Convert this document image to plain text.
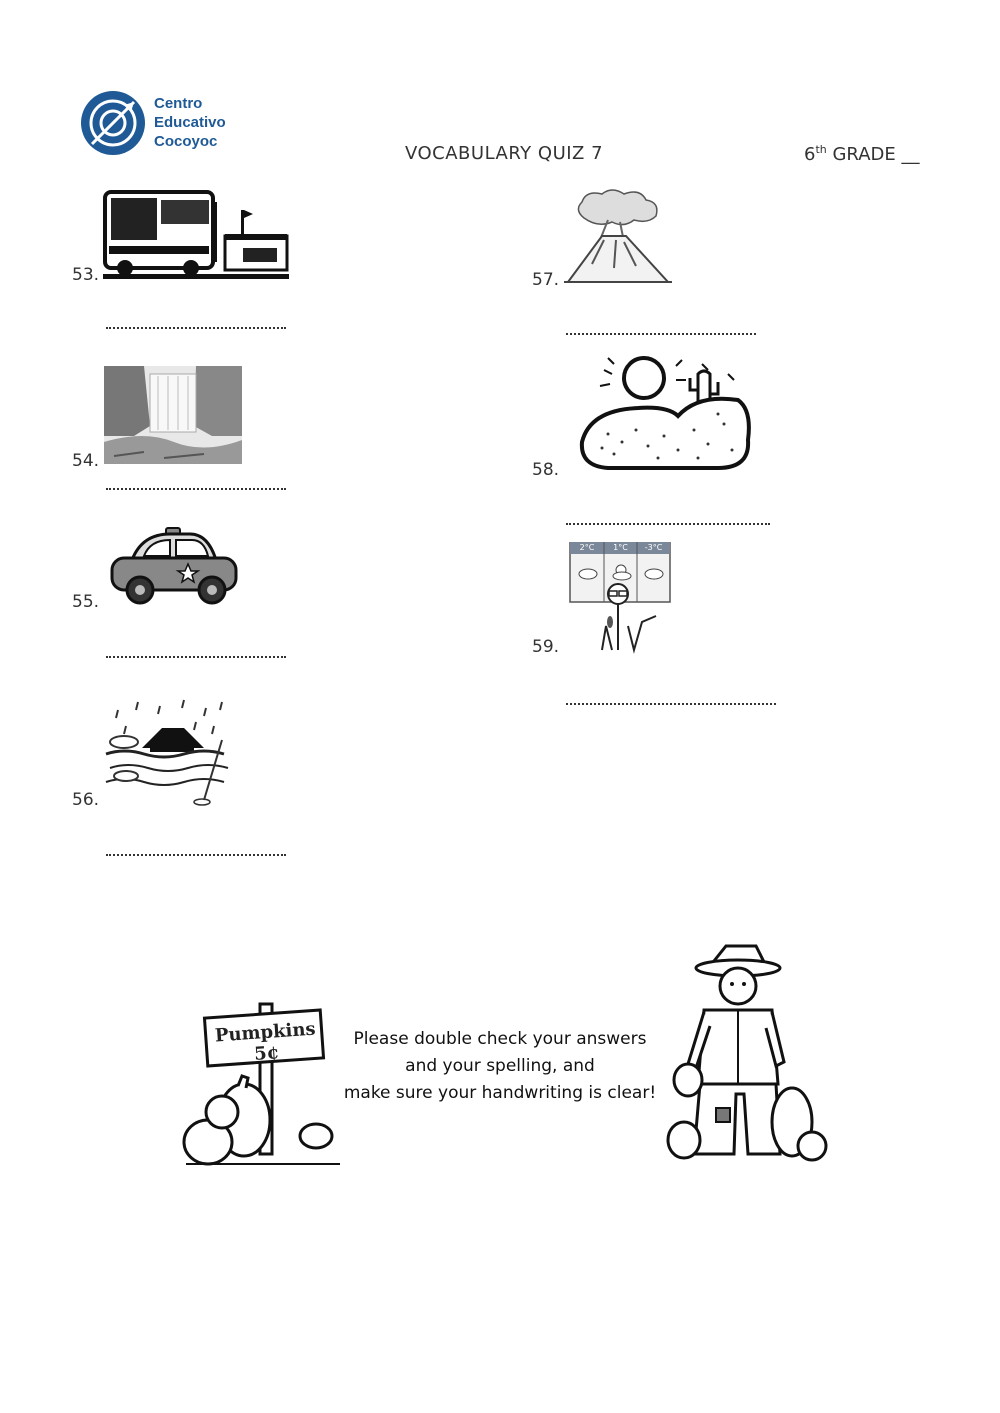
Centro
Educativo
Cocoyoc
VOCABULARY QUIZ 7	6th GRADE __
53.
54.
55.
56.
57.
58.
2°C	1°C	-3°C
59.
Pumpkins 5¢
Please double check your answers
and your spelling, and
make sure your handwriting is clear!
